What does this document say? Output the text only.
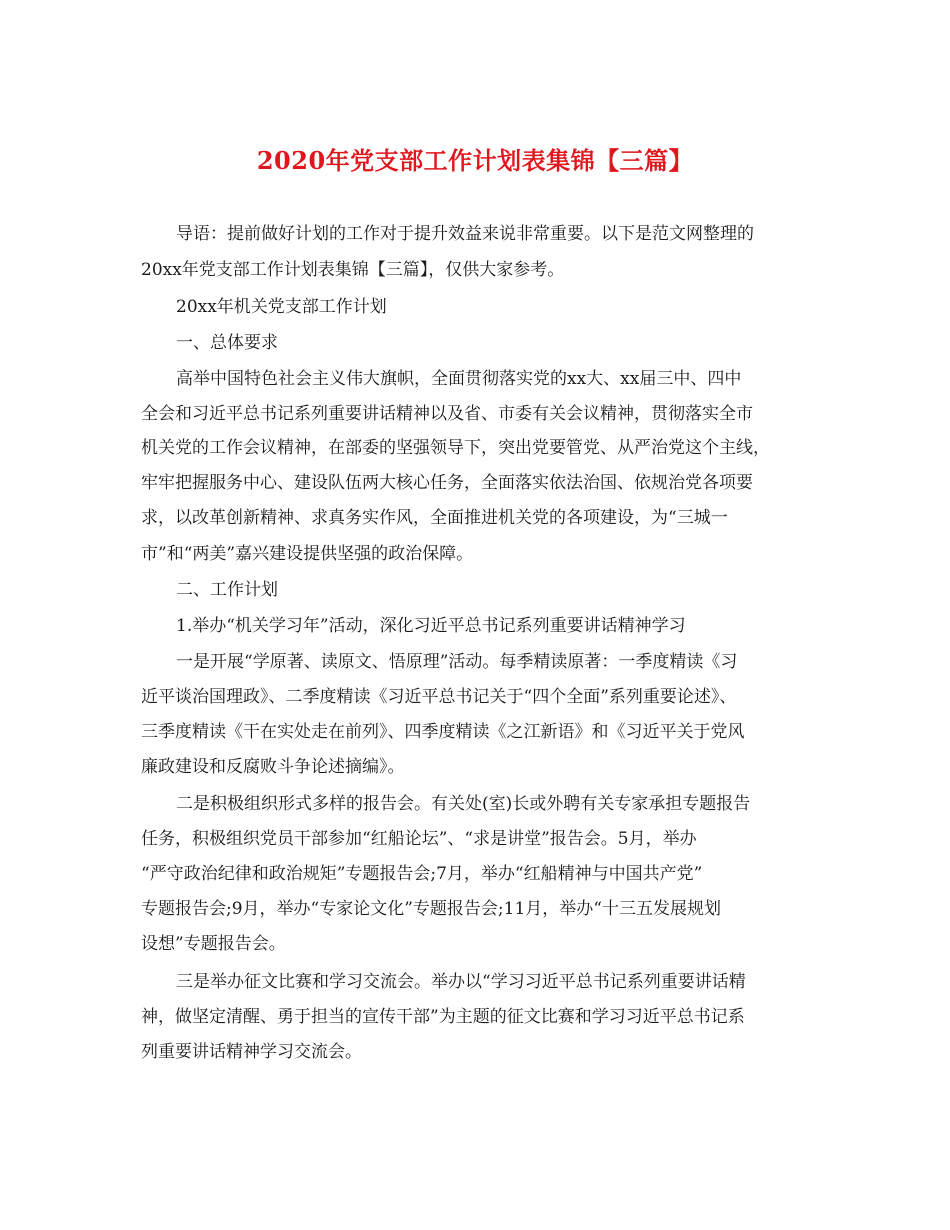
2020年党支部工作计划表集锦【三篇】
导语：提前做好计划的工作对于提升效益来说非常重要。以下是范文网整理的
20xx年党支部工作计划表集锦【三篇】，仅供大家参考。
20xx年机关党支部工作计划
一、总体要求
高举中国特色社会主义伟大旗帜，全面贯彻落实党的xx大、xx届三中、四中
全会和习近平总书记系列重要讲话精神以及省、市委有关会议精神，贯彻落实全市
机关党的工作会议精神，在部委的坚强领导下，突出党要管党、从严治党这个主线，
牢牢把握服务中心、建设队伍两大核心任务，全面落实依法治国、依规治党各项要
求，以改革创新精神、求真务实作风，全面推进机关党的各项建设，为“三城一
市”和“两美”嘉兴建设提供坚强的政治保障。
二、工作计划
1.举办“机关学习年”活动，深化习近平总书记系列重要讲话精神学习
一是开展“学原著、读原文、悟原理”活动。每季精读原著：一季度精读《习
近平谈治国理政》、二季度精读《习近平总书记关于“四个全面”系列重要论述》、
三季度精读《干在实处走在前列》、四季度精读《之江新语》和《习近平关于党风
廉政建设和反腐败斗争论述摘编》。
二是积极组织形式多样的报告会。有关处(室)长或外聘有关专家承担专题报告
任务，积极组织党员干部参加“红船论坛”、“求是讲堂”报告会。5月，举办
“严守政治纪律和政治规矩”专题报告会;7月，举办“红船精神与中国共产党”
专题报告会;9月，举办“专家论文化”专题报告会;11月，举办“十三五发展规划
设想”专题报告会。
三是举办征文比赛和学习交流会。举办以“学习习近平总书记系列重要讲话精
神，做坚定清醒、勇于担当的宣传干部”为主题的征文比赛和学习习近平总书记系
列重要讲话精神学习交流会。
